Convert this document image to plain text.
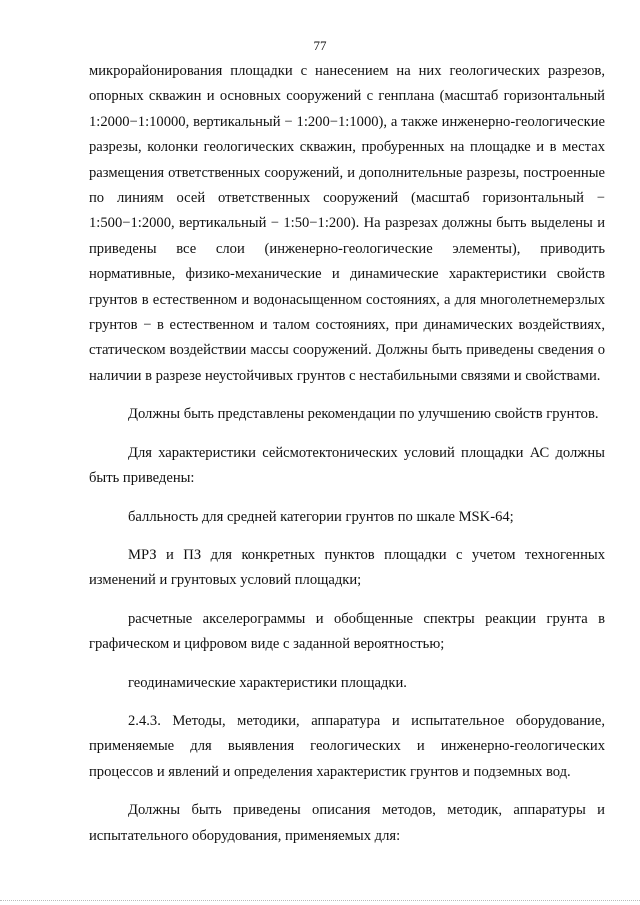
77

микрорайонирования площадки с нанесением на них геологических разрезов, опорных скважин и основных сооружений с генплана (масштаб горизонтальный 1:2000−1:10000, вертикальный − 1:200−1:1000), а также инженерно-геологические разрезы, колонки геологических скважин, пробуренных на площадке и в местах размещения ответственных сооружений, и дополнительные разрезы, построенные по линиям осей ответственных сооружений (масштаб горизонтальный − 1:500−1:2000, вертикальный − 1:50−1:200). На разрезах должны быть выделены и приведены все слои (инженерно-геологические элементы), приводить нормативные, физико-механические и динамические характеристики свойств грунтов в естественном и водонасыщенном состояниях, а для многолетнемерзлых грунтов − в естественном и талом состояниях, при динамических воздействиях, статическом воздействии массы сооружений. Должны быть приведены сведения о наличии в разрезе неустойчивых грунтов с нестабильными связями и свойствами.

Должны быть представлены рекомендации по улучшению свойств грунтов.

Для характеристики сейсмотектонических условий площадки АС должны быть приведены:

балльность для средней категории грунтов по шкале MSK-64;

МРЗ и ПЗ для конкретных пунктов площадки с учетом техногенных изменений и грунтовых условий площадки;

расчетные акселерограммы и обобщенные спектры реакции грунта в графическом и цифровом виде с заданной вероятностью;

геодинамические характеристики площадки.

2.4.3. Методы, методики, аппаратура и испытательное оборудование, применяемые для выявления геологических и инженерно-геологических процессов и явлений и определения характеристик грунтов и подземных вод.

Должны быть приведены описания методов, методик, аппаратуры и испытательного оборудования, применяемых для:
